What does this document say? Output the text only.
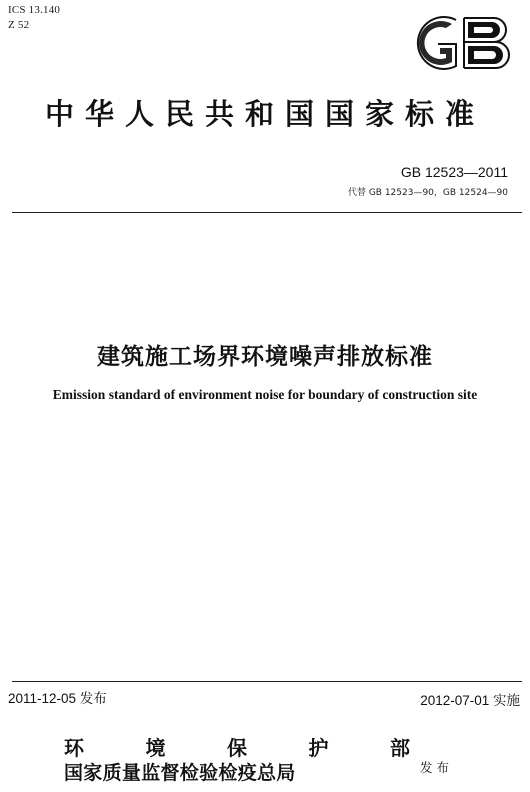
ICS 13.140
Z 52
中华人民共和国国家标准
GB 12523—2011
代替 GB 12523—90，GB 12524—90
建筑施工场界环境噪声排放标准
Emission standard of environment noise for boundary of construction site
2011-12-05 发布	2012-07-01 实施
环	境	保	护	部
国家质量监督检验检疫总局	发布
